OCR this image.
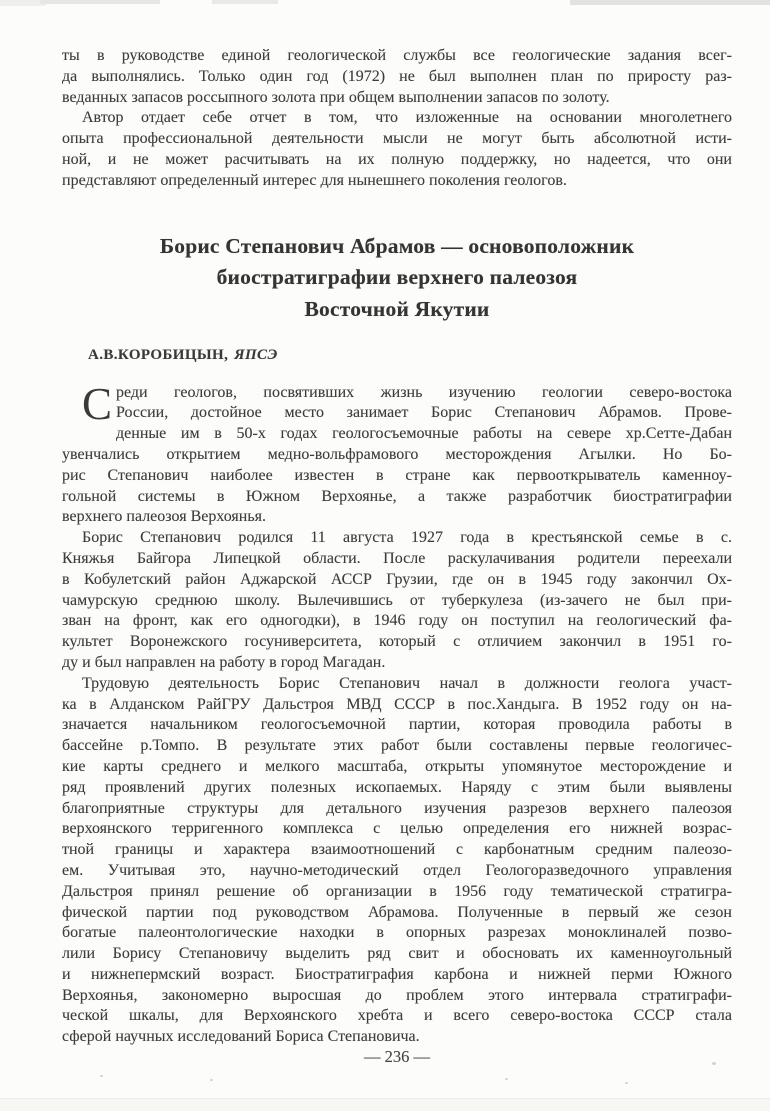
ты в руководстве единой геологической службы все геологические задания всег-
да выполнялись. Только один год (1972) не был выполнен план по приросту раз-
веданных запасов россыпного золота при общем выполнении запасов по золоту.
Автор отдает себе отчет в том, что изложенные на основании многолетнего
опыта профессиональной деятельности мысли не могут быть абсолютной исти-
ной, и не может расчитывать на их полную поддержку, но надеется, что они
представляют определенный интерес для нынешнего поколения геологов.
Борис Степанович Абрамов — основоположник
биостратиграфии верхнего палеозоя
Восточной Якутии
А.В.КОРОБИЦЫН, ЯПСЭ
С реди геологов, посвятивших жизнь изучению геологии северо-востока
России, достойное место занимает Борис Степанович Абрамов. Прове-
денные им в 50-х годах геологосъемочные работы на севере хр.Сетте-Дабан
увенчались открытием медно-вольфрамового месторождения Агылки. Но Бо-
рис Степанович наиболее известен в стране как первооткрыватель каменноу-
гольной системы в Южном Верхоянье, а также разработчик биостратиграфии
верхнего палеозоя Верхоянья.
Борис Степанович родился 11 августа 1927 года в крестьянской семье в с.
Княжья Байгора Липецкой области. После раскулачивания родители переехали
в Кобулетский район Аджарской АССР Грузии, где он в 1945 году закончил Ох-
чамурскую среднюю школу. Вылечившись от туберкулеза (из-зачего не был при-
зван на фронт, как его одногодки), в 1946 году он поступил на геологический фа-
культет Воронежского госуниверситета, который с отличием закончил в 1951 го-
ду и был направлен на работу в город Магадан.
Трудовую деятельность Борис Степанович начал в должности геолога участ-
ка в Алданском РайГРУ Дальстроя МВД СССР в пос.Хандыга. В 1952 году он на-
значается начальником геологосъемочной партии, которая проводила работы в
бассейне р.Томпо. В результате этих работ были составлены первые геологичес-
кие карты среднего и мелкого масштаба, открыты упомянутое месторождение и
ряд проявлений других полезных ископаемых. Наряду с этим были выявлены
благоприятные структуры для детального изучения разрезов верхнего палеозоя
верхоянского терригенного комплекса с целью определения его нижней возрас-
тной границы и характера взаимоотношений с карбонатным средним палеозо-
ем. Учитывая это, научно-методический отдел Геологоразведочного управления
Дальстроя принял решение об организации в 1956 году тематической стратигра-
фической партии под руководством Абрамова. Полученные в первый же сезон
богатые палеонтологические находки в опорных разрезах моноклиналей позво-
лили Борису Степановичу выделить ряд свит и обосновать их каменноугольный
и нижнепермский возраст. Биостратиграфия карбона и нижней перми Южного
Верхоянья, закономерно выросшая до проблем этого интервала стратиграфи-
ческой шкалы, для Верхоянского хребта и всего северо-востока СССР стала
сферой научных исследований Бориса Степановича.
— 236 —
